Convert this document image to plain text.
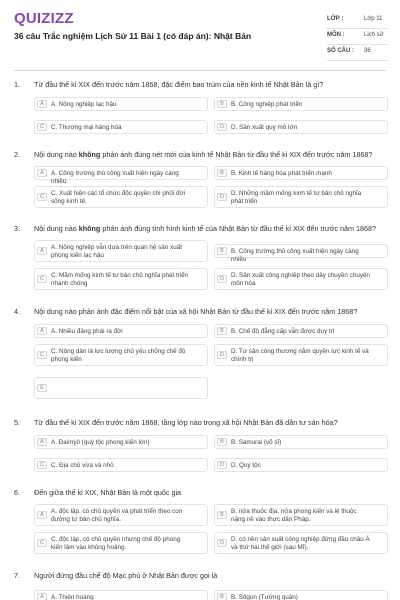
QUIZIZZ
36 câu Trắc nghiệm Lịch Sử 11 Bài 1 (có đáp án): Nhật Bản
LỚP :	Lớp 11
MÔN :	Lịch sử
SỐ CÂU : 36
1. Từ đầu thế kỉ XIX đến trước năm 1868, đặc điểm bao trùm của nền kinh tế Nhật Bản là gì?
A	A. Nông nghiệp lạc hậu	B	B. Công nghiệp phát triển
C	C. Thương mại hàng hóa	D	D. Sản xuất quy mô lớn
2. Nội dung nào không phản ánh đúng nét mới của kinh tế Nhật Bản từ đầu thế kỉ XIX đến trước năm 1868?
A	A. Công trường thủ công xuất hiện ngày càng nhiều
B	B. Kinh tế hàng hóa phát triển mạnh
C	C. Xuất hiện các tổ chức độc quyền chi phối đời sống kinh tế.
D	D. Những mầm mống kinh tế tư bản chủ nghĩa phát triển
3. Nội dung nào không phản ánh đúng tình hình kinh tế của Nhật Bản từ đầu thế kỉ XIX đến trước năm 1868?
A	A. Nông nghiệp vẫn dựa trên quan hệ sản xuất phong kiến lạc hậu
B	B. Công trường thủ công xuất hiện ngày càng nhiều
C	C. Mầm mống kinh tế tư bản chủ nghĩa phát triển nhanh chóng
D	D. Sản xuất công nghiệp theo dây chuyền chuyên môn hóa
4. Nội dung nào phản ánh đặc điểm nổi bật của xã hội Nhật Bản từ đầu thế kỉ XIX đến trước năm 1868?
A	A. Nhiều đảng phái ra đời	B	B. Chế độ đẳng cấp vẫn được duy trì
C	C. Nông dân là lực lượng chủ yếu chống chế độ phong kiến
D	D. Tư sản công thương nắm quyền lực kinh tế và chính trị
E
5. Từ đầu thế kỉ XIX đến trước năm 1868, tầng lớp nào trong xã hội Nhật Bản đã dần tư sản hóa?
A	A. Đaimyô (quý tộc phong kiến lớn)	B	B. Samurai (võ sĩ)
C	C. Địa chủ vừa và nhỏ	D	D. Quý tộc
6. Đến giữa thế kỉ XIX, Nhật Bản là một quốc gia
A	A. độc lập, có chủ quyền và phát triển theo con đường tư bản chủ nghĩa.
B	B. nửa thuộc địa, nửa phong kiến và lệ thuộc nặng nề vào thực dân Pháp.
C	C. độc lập, có chủ quyền nhưng chế độ phong kiến lâm vào khủng hoảng.
D	D. có nền sản xuất công nghiệp đứng đầu châu Á và thứ hai thế giới (sau Mĩ).
7. Người đứng đầu chế độ Mạc phủ ở Nhật Bản được gọi là
A	A. Thiên hoàng	B	B. Sôgun (Tướng quân)
